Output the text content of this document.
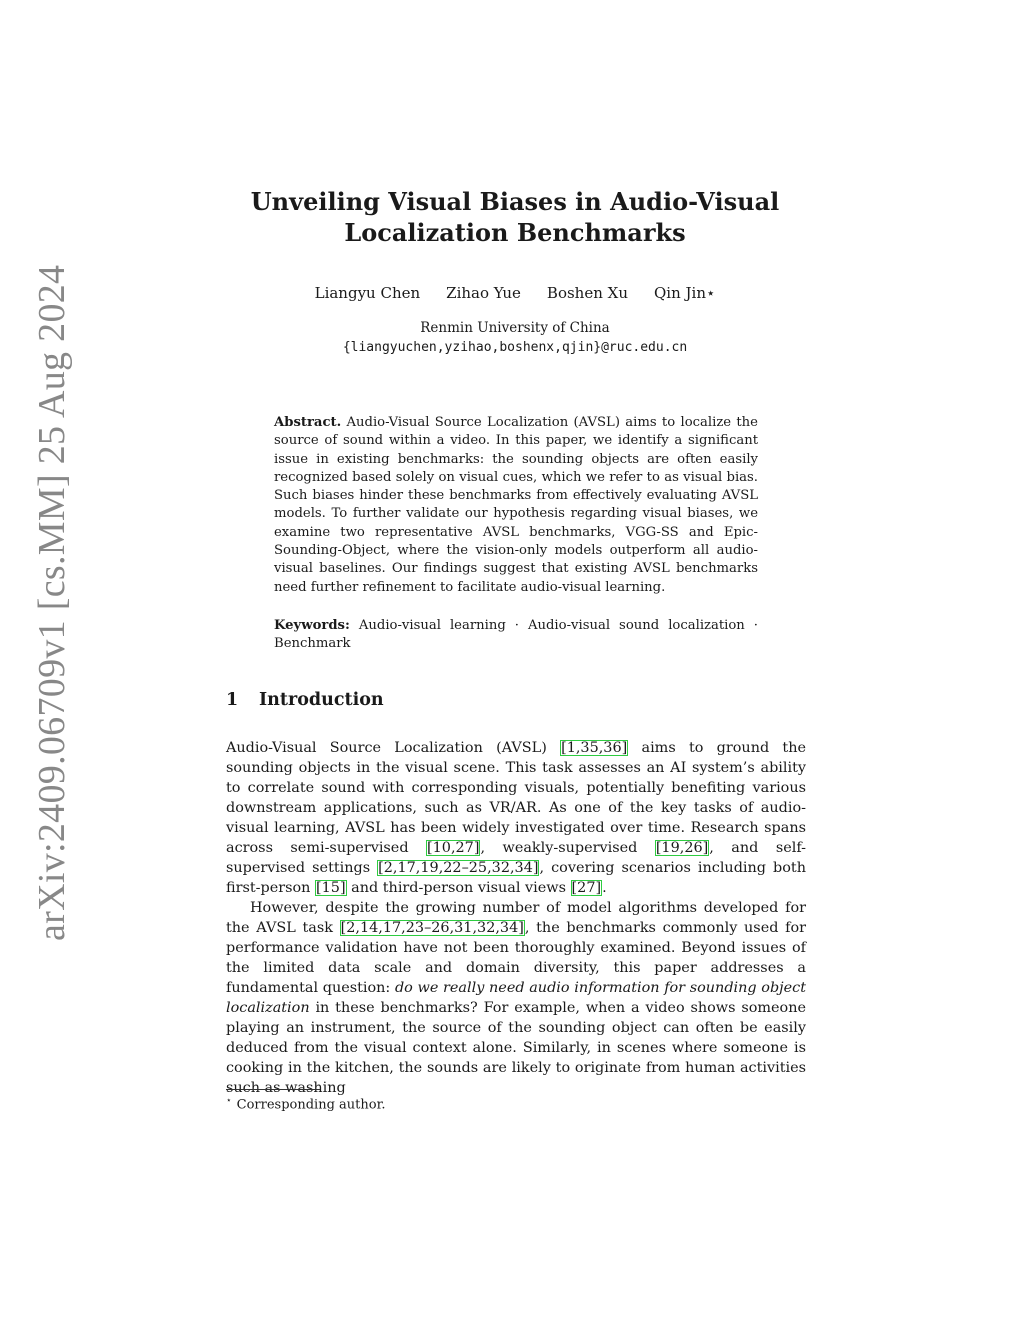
arXiv:2409.06709v1 [cs.MM] 25 Aug 2024
Unveiling Visual Biases in Audio-Visual
Localization Benchmarks
Liangyu Chen Zihao Yue Boshen Xu Qin Jin⋆
Renmin University of China
{liangyuchen,yzihao,boshenx,qjin}@ruc.edu.cn

Abstract. Audio-Visual Source Localization (AVSL) aims to localize the source of sound within a video. In this paper, we identify a significant issue in existing benchmarks: the sounding objects are often easily recognized based solely on visual cues, which we refer to as visual bias. Such biases hinder these benchmarks from effectively evaluating AVSL models. To further validate our hypothesis regarding visual biases, we examine two representative AVSL benchmarks, VGG-SS and Epic-Sounding-Object, where the vision-only models outperform all audio-visual baselines. Our findings suggest that existing AVSL benchmarks need further refinement to facilitate audio-visual learning.

Keywords: Audio-visual learning · Audio-visual sound localization · Benchmark

1 Introduction

Audio-Visual Source Localization (AVSL) [1,35,36] aims to ground the sounding objects in the visual scene. This task assesses an AI system’s ability to correlate sound with corresponding visuals, potentially benefiting various downstream applications, such as VR/AR. As one of the key tasks of audio-visual learning, AVSL has been widely investigated over time. Research spans across semi-supervised [10,27], weakly-supervised [19,26], and self-supervised settings [2,17,19,22–25,32,34], covering scenarios including both first-person [15] and third-person visual views [27].

However, despite the growing number of model algorithms developed for the AVSL task [2,14,17,23–26,31,32,34], the benchmarks commonly used for performance validation have not been thoroughly examined. Beyond issues of the limited data scale and domain diversity, this paper addresses a fundamental question: do we really need audio information for sounding object localization in these benchmarks? For example, when a video shows someone playing an instrument, the source of the sounding object can often be easily deduced from the visual context alone. Similarly, in scenes where someone is cooking in the kitchen, the sounds are likely to originate from human activities such as washing

⋆ Corresponding author.
